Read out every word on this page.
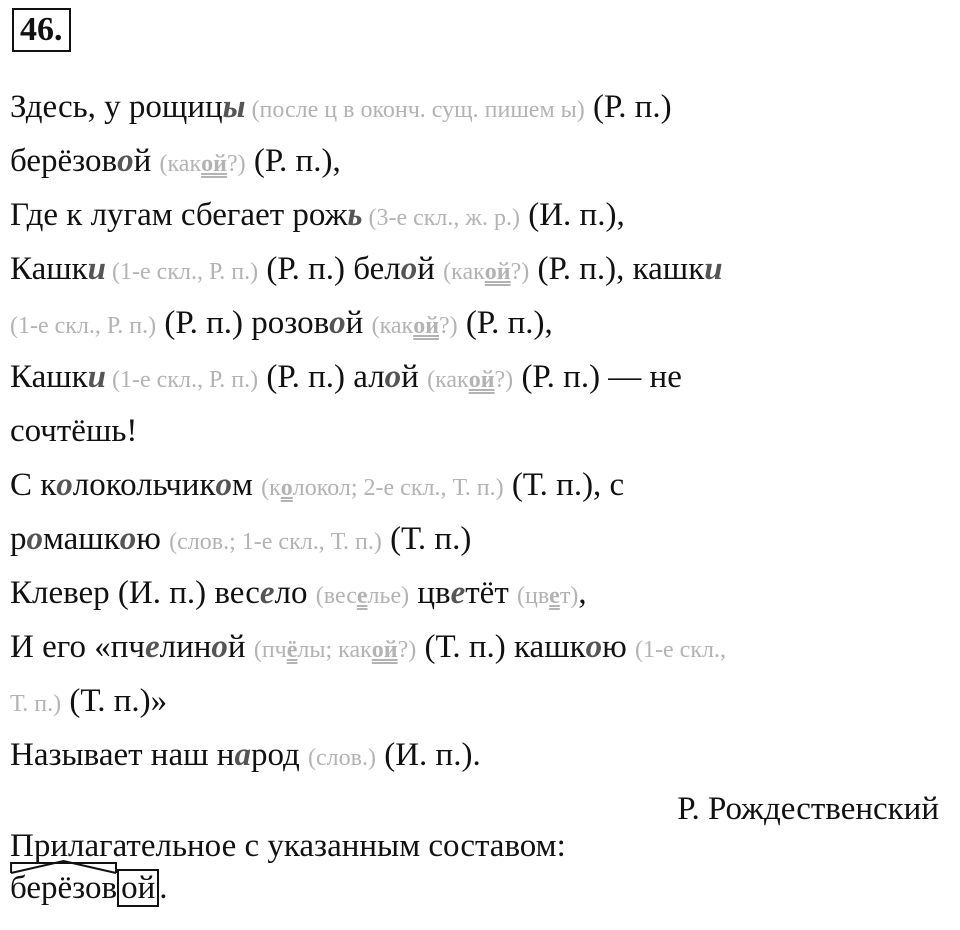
46.
Здесь, у рощицы (после ц в оконч. сущ. пишем ы) (Р. п.)
берёзовой (какой?) (Р. п.),
Где к лугам сбегает рожь (3-е скл., ж. р.) (И. п.),
Кашки (1-е скл., Р. п.) (Р. п.) белой (какой?) (Р. п.), кашки
(1-е скл., Р. п.) (Р. п.) розовой (какой?) (Р. п.),
Кашки (1-е скл., Р. п.) (Р. п.) алой (какой?) (Р. п.) — не
сочтёшь!
С колокольчиком (колокол; 2-е скл., Т. п.) (Т. п.), с
ромашкою (слов.; 1-е скл., Т. п.) (Т. п.)
Клевер (И. п.) весело (веселье) цветёт (цвет),
И его «пчелиной (пчёлы; какой?) (Т. п.) кашкою (1-е скл.,
Т. п.) (Т. п.)»
Называет наш народ (слов.) (И. п.).
Р. Рождественский
Прилагательное с указанным составом:
берёзов ой .
